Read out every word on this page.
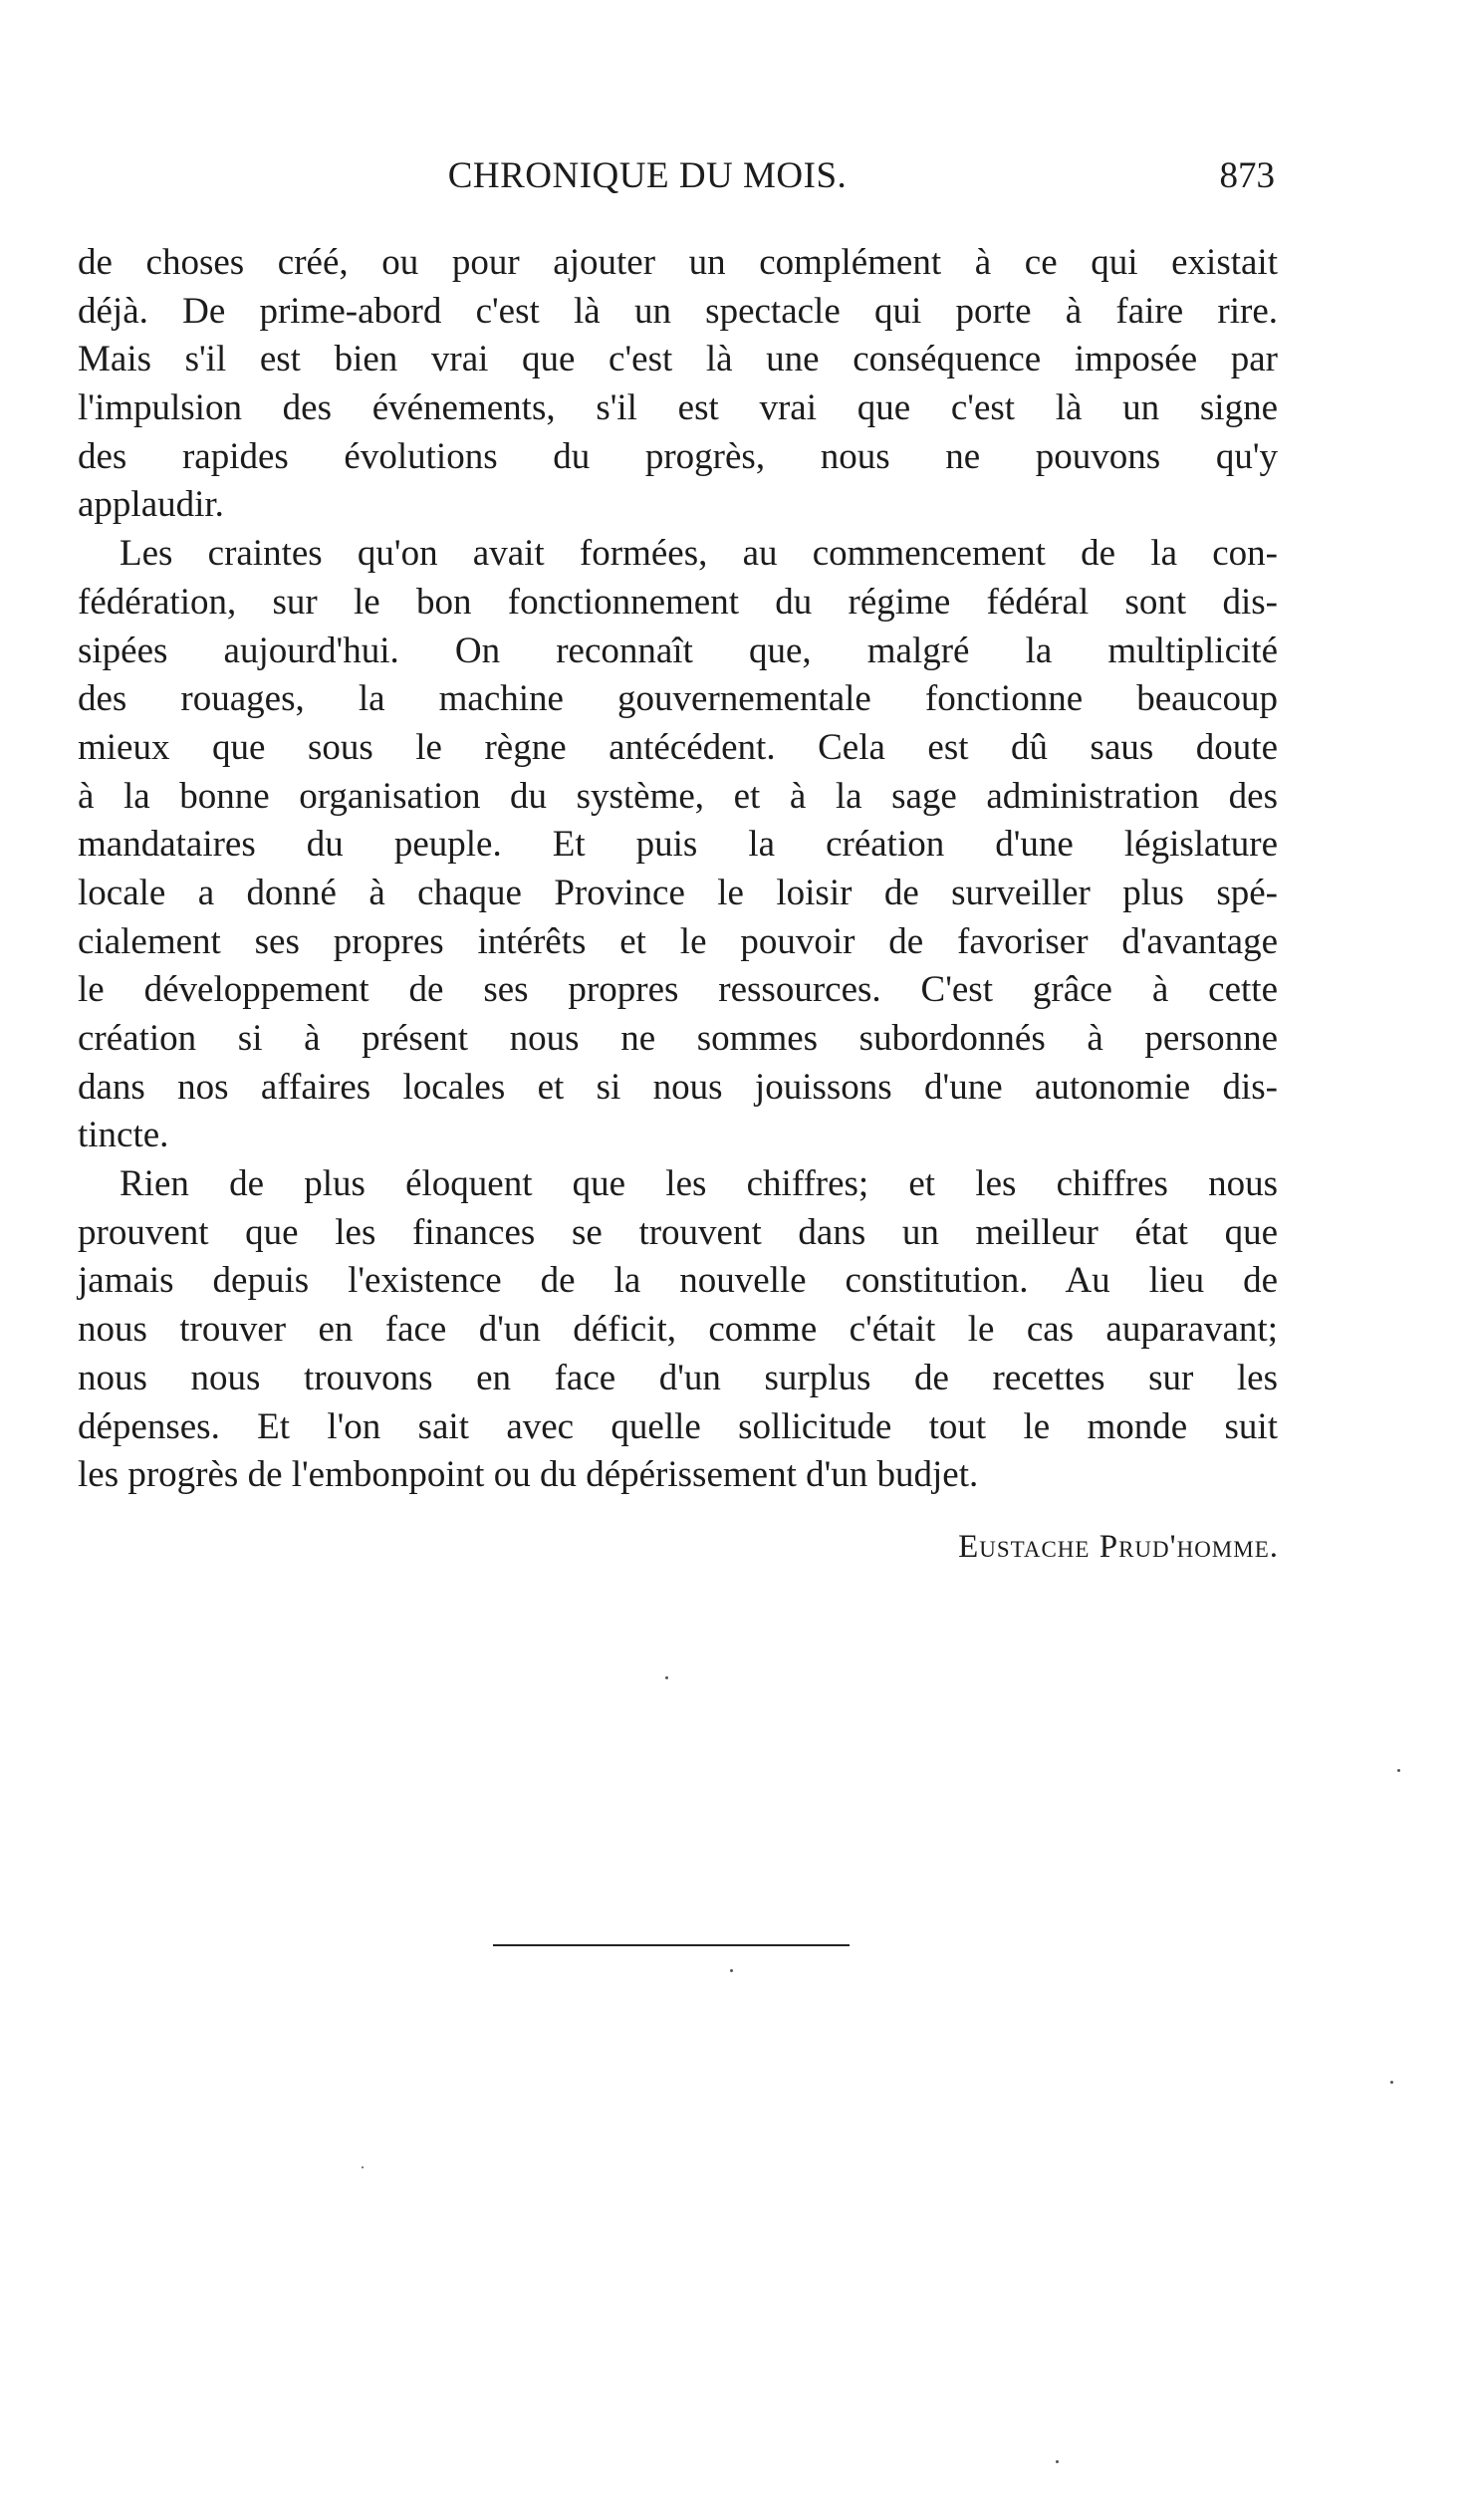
CHRONIQUE DU MOIS.	873
de choses créé, ou pour ajouter un complément à ce qui existait
déjà. De prime-abord c'est là un spectacle qui porte à faire rire.
Mais s'il est bien vrai que c'est là une conséquence imposée par
l'impulsion des événements, s'il est vrai que c'est là un signe
des rapides évolutions du progrès, nous ne pouvons qu'y
applaudir.
Les craintes qu'on avait formées, au commencement de la con-
fédération, sur le bon fonctionnement du régime fédéral sont dis-
sipées aujourd'hui. On reconnaît que, malgré la multiplicité
des rouages, la machine gouvernementale fonctionne beaucoup
mieux que sous le règne antécédent. Cela est dû saus doute
à la bonne organisation du système, et à la sage administration des
mandataires du peuple. Et puis la création d'une législature
locale a donné à chaque Province le loisir de surveiller plus spé-
cialement ses propres intérêts et le pouvoir de favoriser d'avantage
le développement de ses propres ressources. C'est grâce à cette
création si à présent nous ne sommes subordonnés à personne
dans nos affaires locales et si nous jouissons d'une autonomie dis-
tincte.
Rien de plus éloquent que les chiffres; et les chiffres nous
prouvent que les finances se trouvent dans un meilleur état que
jamais depuis l'existence de la nouvelle constitution. Au lieu de
nous trouver en face d'un déficit, comme c'était le cas auparavant;
nous nous trouvons en face d'un surplus de recettes sur les
dépenses. Et l'on sait avec quelle sollicitude tout le monde suit
les progrès de l'embonpoint ou du dépérissement d'un budjet.
Eustache Prud'homme.
